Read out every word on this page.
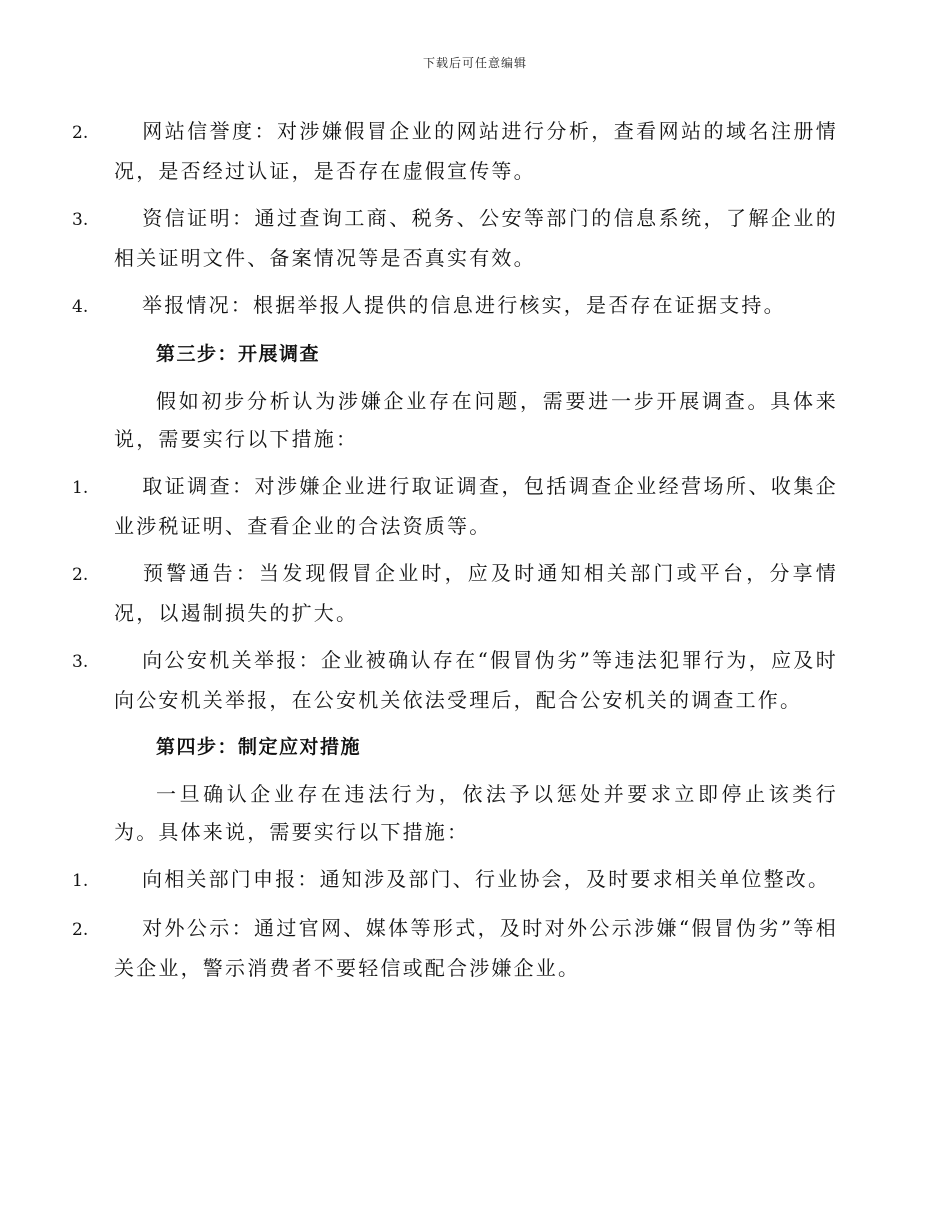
下载后可任意编辑

2.	网站信誉度：对涉嫌假冒企业的网站进行分析，查看网站的域名注册情况，是否经过认证，是否存在虚假宣传等。

3.	资信证明：通过查询工商、税务、公安等部门的信息系统，了解企业的相关证明文件、备案情况等是否真实有效。

4.	举报情况：根据举报人提供的信息进行核实，是否存在证据支持。

第三步：开展调查

假如初步分析认为涉嫌企业存在问题，需要进一步开展调查。具体来说，需要实行以下措施：

1.	取证调查：对涉嫌企业进行取证调查，包括调查企业经营场所、收集企业涉税证明、查看企业的合法资质等。

2.	预警通告：当发现假冒企业时，应及时通知相关部门或平台，分享情况，以遏制损失的扩大。

3.	向公安机关举报：企业被确认存在“假冒伪劣”等违法犯罪行为，应及时向公安机关举报，在公安机关依法受理后，配合公安机关的调查工作。

第四步：制定应对措施

一旦确认企业存在违法行为，依法予以惩处并要求立即停止该类行为。具体来说，需要实行以下措施：

1.	向相关部门申报：通知涉及部门、行业协会，及时要求相关单位整改。

2.	对外公示：通过官网、媒体等形式，及时对外公示涉嫌“假冒伪劣”等相关企业，警示消费者不要轻信或配合涉嫌企业。
